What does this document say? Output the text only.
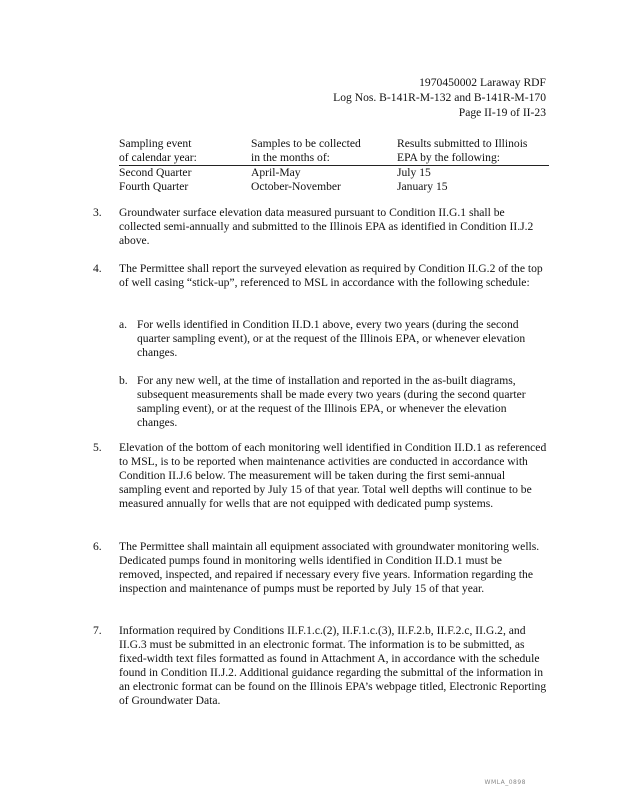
1970450002 Laraway RDF
Log Nos. B-141R-M-132 and B-141R-M-170
Page II-19 of II-23
Sampling event	Samples to be collected	Results submitted to Illinois
of calendar year:	in the months of:	EPA by the following:
Second Quarter	April-May	July 15
Fourth Quarter	October-November	January 15
3. Groundwater surface elevation data measured pursuant to Condition II.G.1 shall be collected semi-annually and submitted to the Illinois EPA as identified in Condition II.J.2 above.
4. The Permittee shall report the surveyed elevation as required by Condition II.G.2 of the top of well casing “stick-up”, referenced to MSL in accordance with the following schedule:
a. For wells identified in Condition II.D.1 above, every two years (during the second quarter sampling event), or at the request of the Illinois EPA, or whenever elevation changes.
b. For any new well, at the time of installation and reported in the as-built diagrams, subsequent measurements shall be made every two years (during the second quarter sampling event), or at the request of the Illinois EPA, or whenever the elevation changes.
5. Elevation of the bottom of each monitoring well identified in Condition II.D.1 as referenced to MSL, is to be reported when maintenance activities are conducted in accordance with Condition II.J.6 below. The measurement will be taken during the first semi-annual sampling event and reported by July 15 of that year. Total well depths will continue to be measured annually for wells that are not equipped with dedicated pump systems.
6. The Permittee shall maintain all equipment associated with groundwater monitoring wells. Dedicated pumps found in monitoring wells identified in Condition II.D.1 must be removed, inspected, and repaired if necessary every five years. Information regarding the inspection and maintenance of pumps must be reported by July 15 of that year.
7. Information required by Conditions II.F.1.c.(2), II.F.1.c.(3), II.F.2.b, II.F.2.c, II.G.2, and II.G.3 must be submitted in an electronic format. The information is to be submitted, as fixed-width text files formatted as found in Attachment A, in accordance with the schedule found in Condition II.J.2. Additional guidance regarding the submittal of the information in an electronic format can be found on the Illinois EPA’s webpage titled, Electronic Reporting of Groundwater Data.
WMLA_0898
